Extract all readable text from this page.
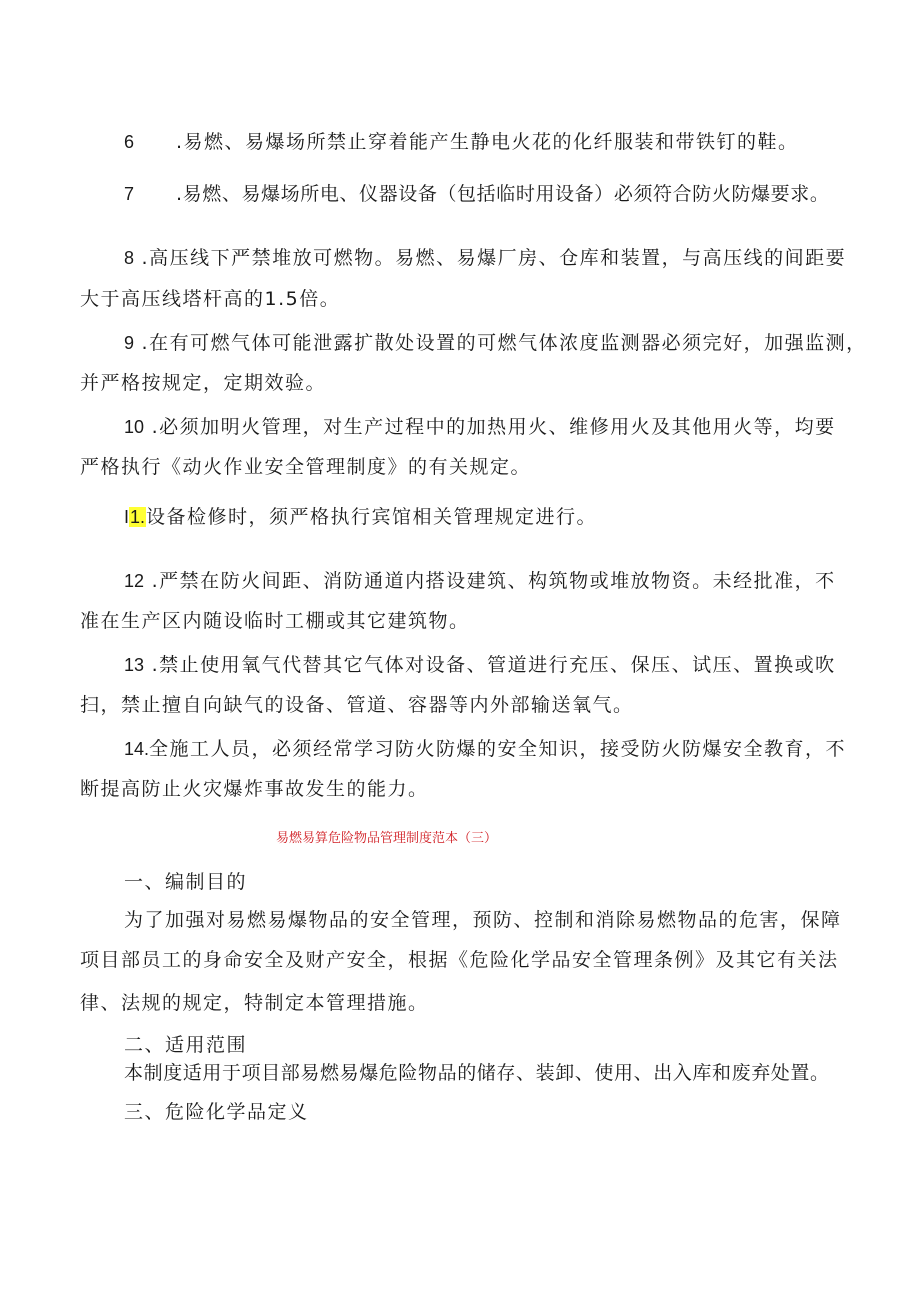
6 .易燃、易爆场所禁止穿着能产生静电火花的化纤服装和带铁钉的鞋。
7 .易燃、易爆场所电、仪器设备（包括临时用设备）必须符合防火防爆要求。
8 .高压线下严禁堆放可燃物。易燃、易爆厂房、仓库和装置，与高压线的间距要
大于高压线塔杆高的1.5倍。
9 .在有可燃气体可能泄露扩散处设置的可燃气体浓度监测器必须完好，加强监测，
并严格按规定，定期效验。
10 .必须加明火管理，对生产过程中的加热用火、维修用火及其他用火等，均要
严格执行《动火作业安全管理制度》的有关规定。
I1.设备检修时，须严格执行宾馆相关管理规定进行。
12 .严禁在防火间距、消防通道内搭设建筑、构筑物或堆放物资。未经批准，不
准在生产区内随设临时工棚或其它建筑物。
13 .禁止使用氧气代替其它气体对设备、管道进行充压、保压、试压、置换或吹
扫，禁止擅自向缺气的设备、管道、容器等内外部输送氧气。
14.全施工人员，必须经常学习防火防爆的安全知识，接受防火防爆安全教育，不
断提高防止火灾爆炸事故发生的能力。
易燃易算危险物品管理制度范本（三）
一、编制目的
为了加强对易燃易爆物品的安全管理，预防、控制和消除易燃物品的危害，保障
项目部员工的身命安全及财产安全，根据《危险化学品安全管理条例》及其它有关法
律、法规的规定，特制定本管理措施。
二、适用范围
本制度适用于项目部易燃易爆危险物品的储存、装卸、使用、出入库和废弃处置。
三、危险化学品定义
